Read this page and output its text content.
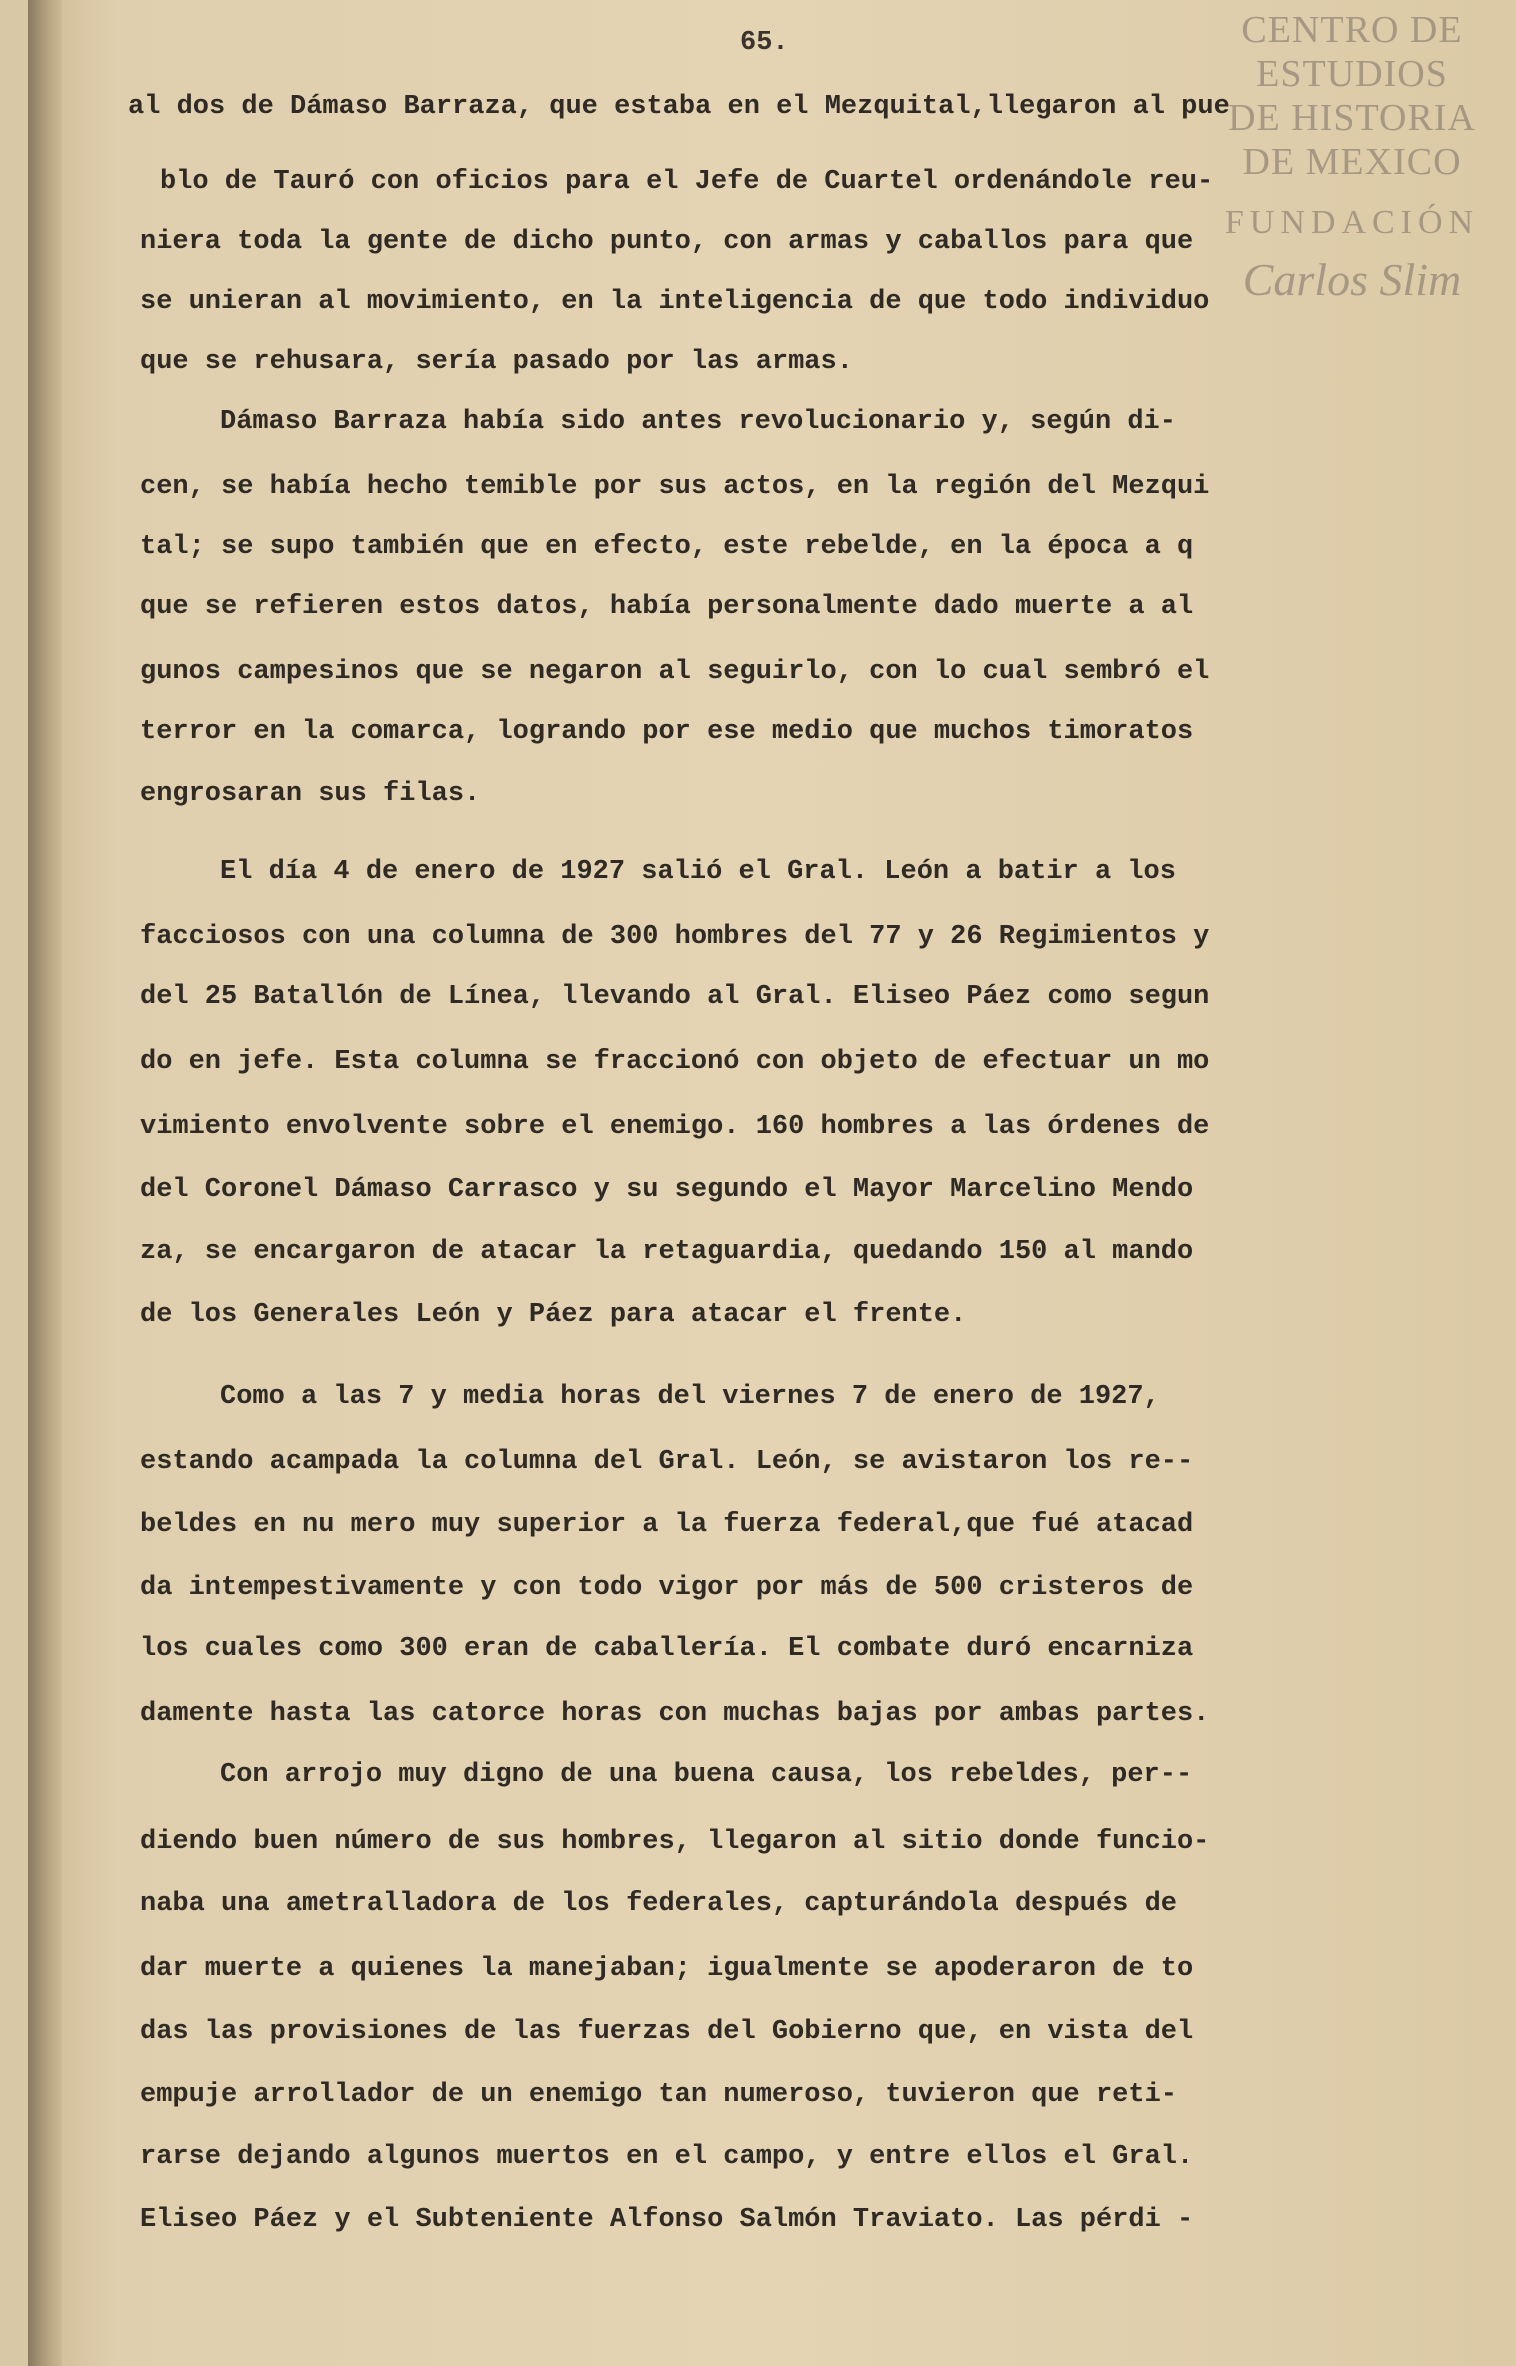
CENTRO DE
ESTUDIOS
DE HISTORIA
DE MEXICO
FUNDACIÓN
Carlos Slim
65.
al dos de Dámaso Barraza, que estaba en el Mezquital,llegaron al pue
blo de Tauró con oficios para el Jefe de Cuartel ordenándole reu-
niera toda la gente de dicho punto, con armas y caballos para que
se unieran al movimiento, en la inteligencia de que todo individuo
que se rehusara, sería pasado por las armas.
Dámaso Barraza había sido antes revolucionario y, según di-
cen, se había hecho temible por sus actos, en la región del Mezqui
tal; se supo también que en efecto, este rebelde, en la época a q
que se refieren estos datos, había personalmente dado muerte a al
gunos campesinos que se negaron al seguirlo, con lo cual sembró el
terror en la comarca, logrando por ese medio que muchos timoratos
engrosaran sus filas.
El día 4 de enero de 1927 salió el Gral. León a batir a los
facciosos con una columna de 300 hombres del 77 y 26 Regimientos y
del 25 Batallón de Línea, llevando al Gral. Eliseo Páez como segun
do en jefe. Esta columna se fraccionó con objeto de efectuar un mo
vimiento envolvente sobre el enemigo. 160 hombres a las órdenes de
del Coronel Dámaso Carrasco y su segundo el Mayor Marcelino Mendo
za, se encargaron de atacar la retaguardia, quedando 150 al mando
de los Generales León y Páez para atacar el frente.
Como a las 7 y media horas del viernes 7 de enero de 1927,
estando acampada la columna del Gral. León, se avistaron los re--
beldes en nu mero muy superior a la fuerza federal,que fué atacad
da intempestivamente y con todo vigor por más de 500 cristeros de
los cuales como 300 eran de caballería. El combate duró encarniza
damente hasta las catorce horas con muchas bajas por ambas partes.
Con arrojo muy digno de una buena causa, los rebeldes, per--
diendo buen número de sus hombres, llegaron al sitio donde funcio-
naba una ametralladora de los federales, capturándola después de
dar muerte a quienes la manejaban; igualmente se apoderaron de to
das las provisiones de las fuerzas del Gobierno que, en vista del
empuje arrollador de un enemigo tan numeroso, tuvieron que reti-
rarse dejando algunos muertos en el campo, y entre ellos el Gral.
Eliseo Páez y el Subteniente Alfonso Salmón Traviato. Las pérdi -
